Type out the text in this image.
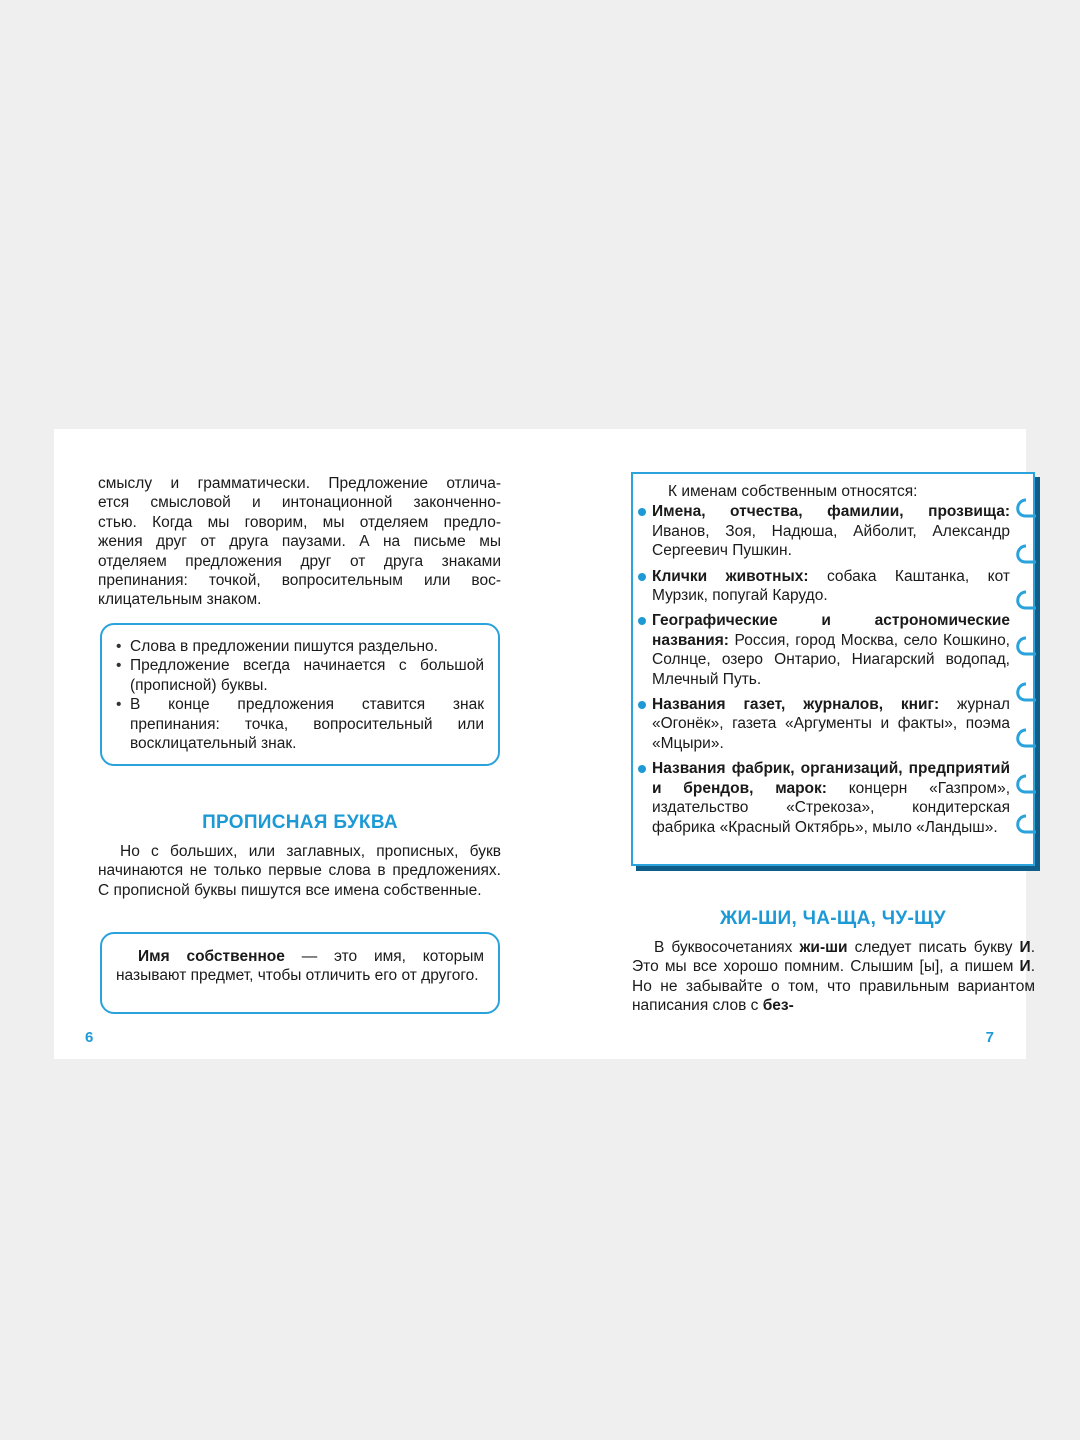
смыслу и грамматически. Предложение отлича-
ется смысловой и интонационной законченно-
стью. Когда мы говорим, мы отделяем предло-
жения друг от друга паузами. А на письме мы
отделяем предложения друг от друга знаками
препинания: точкой, вопросительным или вос-
клицательным знаком.
• Слова в предложении пишутся раздельно.
• Предложение всегда начинается с большой (прописной) буквы.
• В конце предложения ставится знак препинания: точка, вопросительный или восклицательный знак.
ПРОПИСНАЯ БУКВА
Но с больших, или заглавных, прописных, букв начинаются не только первые слова в предложениях. С прописной буквы пишутся все имена собственные.
Имя собственное — это имя, которым называют предмет, чтобы отличить его от другого.
6
К именам собственным относятся:
Имена, отчества, фамилии, прозвища: Иванов, Зоя, Надюша, Айболит, Александр Сергеевич Пушкин.
Клички животных: собака Каштанка, кот Мурзик, попугай Карудо.
Географические и астрономические названия: Россия, город Москва, село Кошкино, Солнце, озеро Онтарио, Ниагарский водопад, Млечный Путь.
Названия газет, журналов, книг: журнал «Огонёк», газета «Аргументы и факты», поэма «Мцыри».
Названия фабрик, организаций, предприятий и брендов, марок: концерн «Газпром», издательство «Стрекоза», кондитерская фабрика «Красный Октябрь», мыло «Ландыш».
ЖИ-ШИ, ЧА-ЩА, ЧУ-ЩУ
В буквосочетаниях жи-ши следует писать букву И. Это мы все хорошо помним. Слышим [ы], а пишем И. Но не забывайте о том, что правильным вариантом написания слов с без-
7
